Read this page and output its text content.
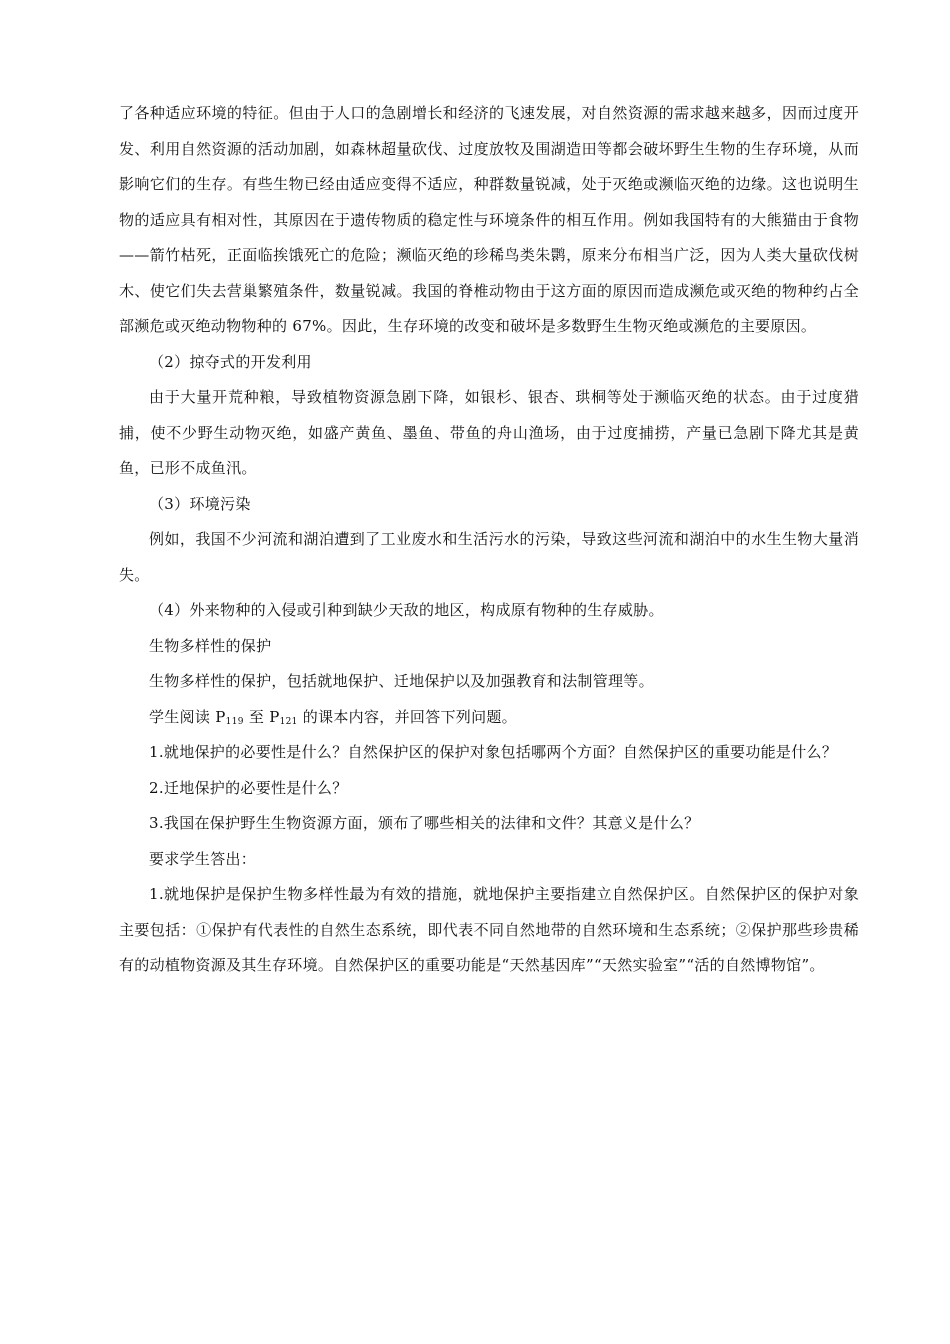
了各种适应环境的特征。但由于人口的急剧增长和经济的飞速发展，对自然资源的需求越来越多，因而过度开发、利用自然资源的活动加剧，如森林超量砍伐、过度放牧及围湖造田等都会破坏野生生物的生存环境，从而影响它们的生存。有些生物已经由适应变得不适应，种群数量锐减，处于灭绝或濒临灭绝的边缘。这也说明生物的适应具有相对性，其原因在于遗传物质的稳定性与环境条件的相互作用。例如我国特有的大熊猫由于食物——箭竹枯死，正面临挨饿死亡的危险；濒临灭绝的珍稀鸟类朱鹮，原来分布相当广泛，因为人类大量砍伐树木、使它们失去营巢繁殖条件，数量锐减。我国的脊椎动物由于这方面的原因而造成濒危或灭绝的物种约占全部濒危或灭绝动物物种的 67%。因此，生存环境的改变和破坏是多数野生生物灭绝或濒危的主要原因。

（2）掠夺式的开发利用

由于大量开荒种粮，导致植物资源急剧下降，如银杉、银杏、珙桐等处于濒临灭绝的状态。由于过度猎捕，使不少野生动物灭绝，如盛产黄鱼、墨鱼、带鱼的舟山渔场，由于过度捕捞，产量已急剧下降尤其是黄鱼，已形不成鱼汛。

（3）环境污染

例如，我国不少河流和湖泊遭到了工业废水和生活污水的污染，导致这些河流和湖泊中的水生生物大量消失。

（4）外来物种的入侵或引种到缺少天敌的地区，构成原有物种的生存威胁。

生物多样性的保护

生物多样性的保护，包括就地保护、迁地保护以及加强教育和法制管理等。

学生阅读 $P_{119}$ 至 $P_{121}$ 的课本内容，并回答下列问题。

1.就地保护的必要性是什么？自然保护区的保护对象包括哪两个方面？自然保护区的重要功能是什么？

2.迁地保护的必要性是什么？

3.我国在保护野生生物资源方面，颁布了哪些相关的法律和文件？其意义是什么？

要求学生答出：

1.就地保护是保护生物多样性最为有效的措施，就地保护主要指建立自然保护区。自然保护区的保护对象主要包括：①保护有代表性的自然生态系统，即代表不同自然地带的自然环境和生态系统；②保护那些珍贵稀有的动植物资源及其生存环境。自然保护区的重要功能是“天然基因库”“天然实验室”“活的自然博物馆”。
